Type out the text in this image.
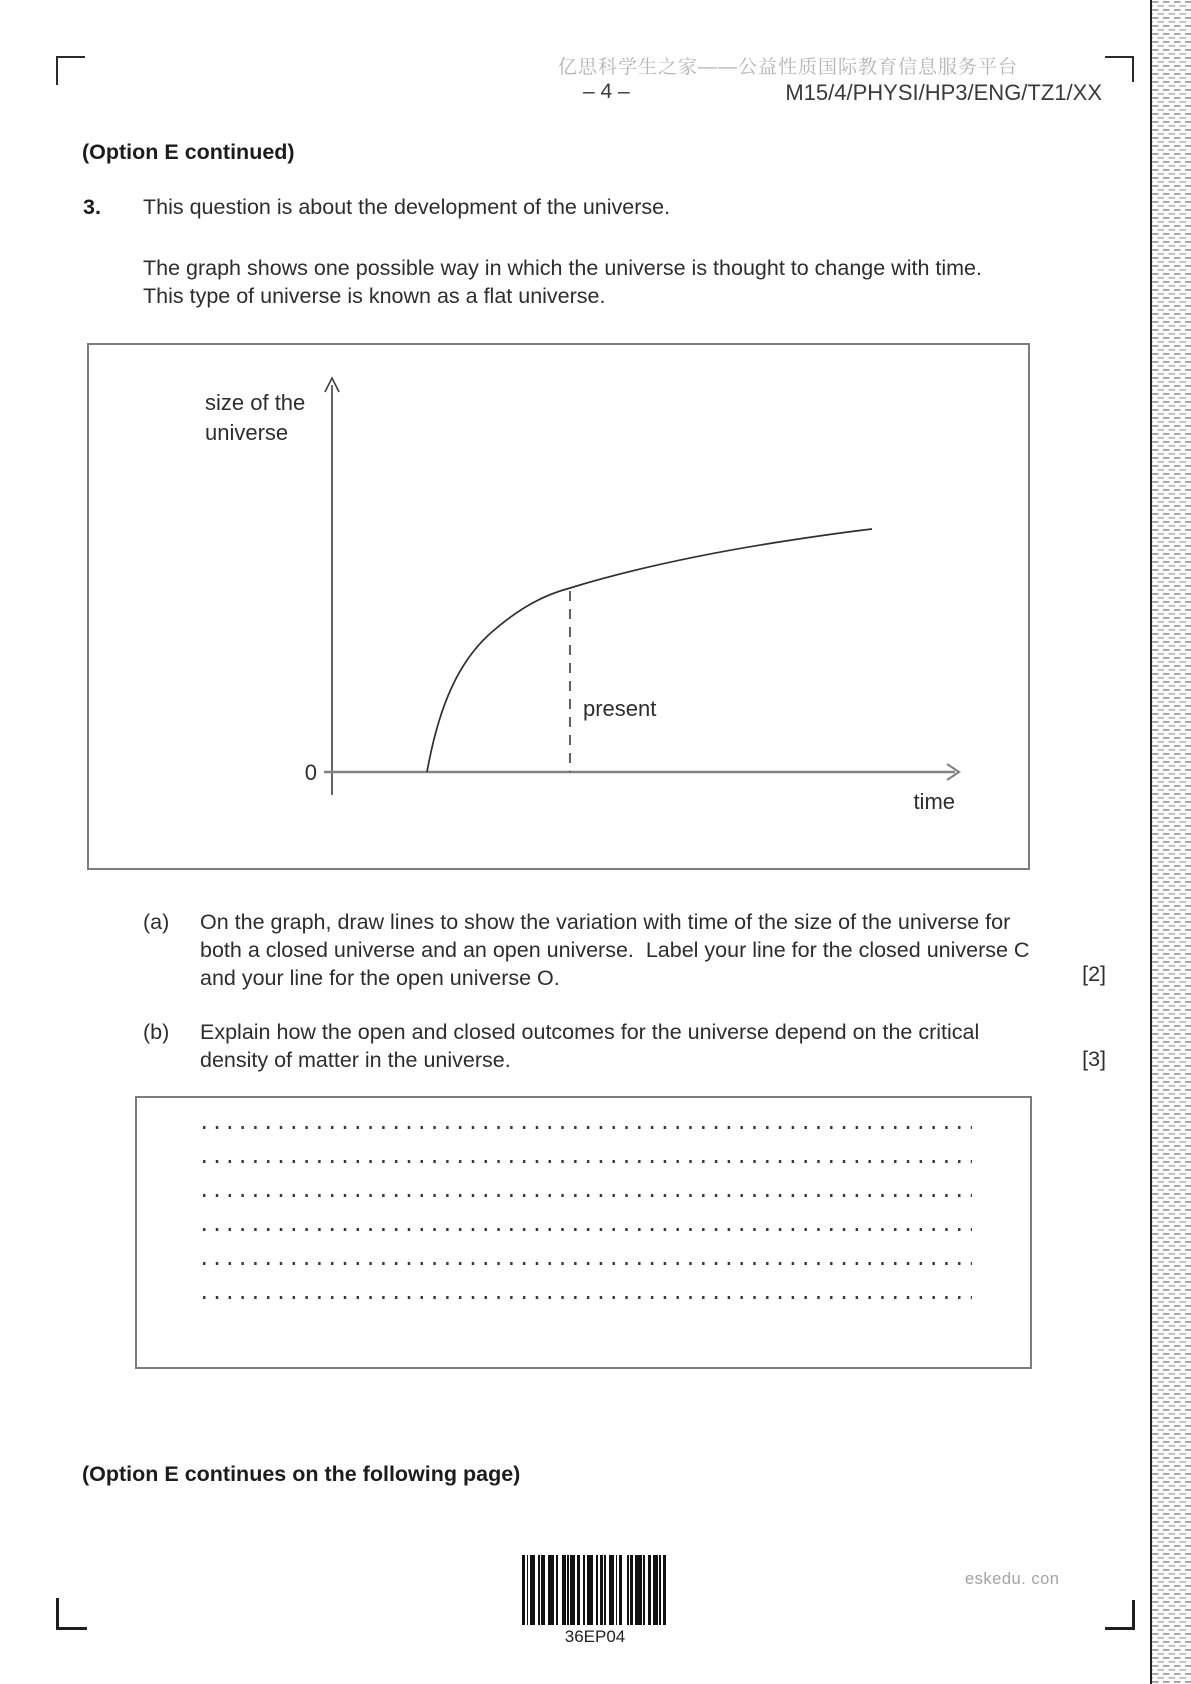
亿思科学生之家——公益性质国际教育信息服务平台
– 4 –	M15/4/PHYSI/HP3/ENG/TZ1/XX
(Option E continued)
3. This question is about the development of the universe.
The graph shows one possible way in which the universe is thought to change with time.
This type of universe is known as a flat universe.
size of the
universe
0
present
time
(a) On the graph, draw lines to show the variation with time of the size of the universe for
both a closed universe and an open universe.  Label your line for the closed universe C
and your line for the open universe O.	[2]
(b) Explain how the open and closed outcomes for the universe depend on the critical
density of matter in the universe.	[3]
(Option E continues on the following page)
36EP04
eskedu. con
